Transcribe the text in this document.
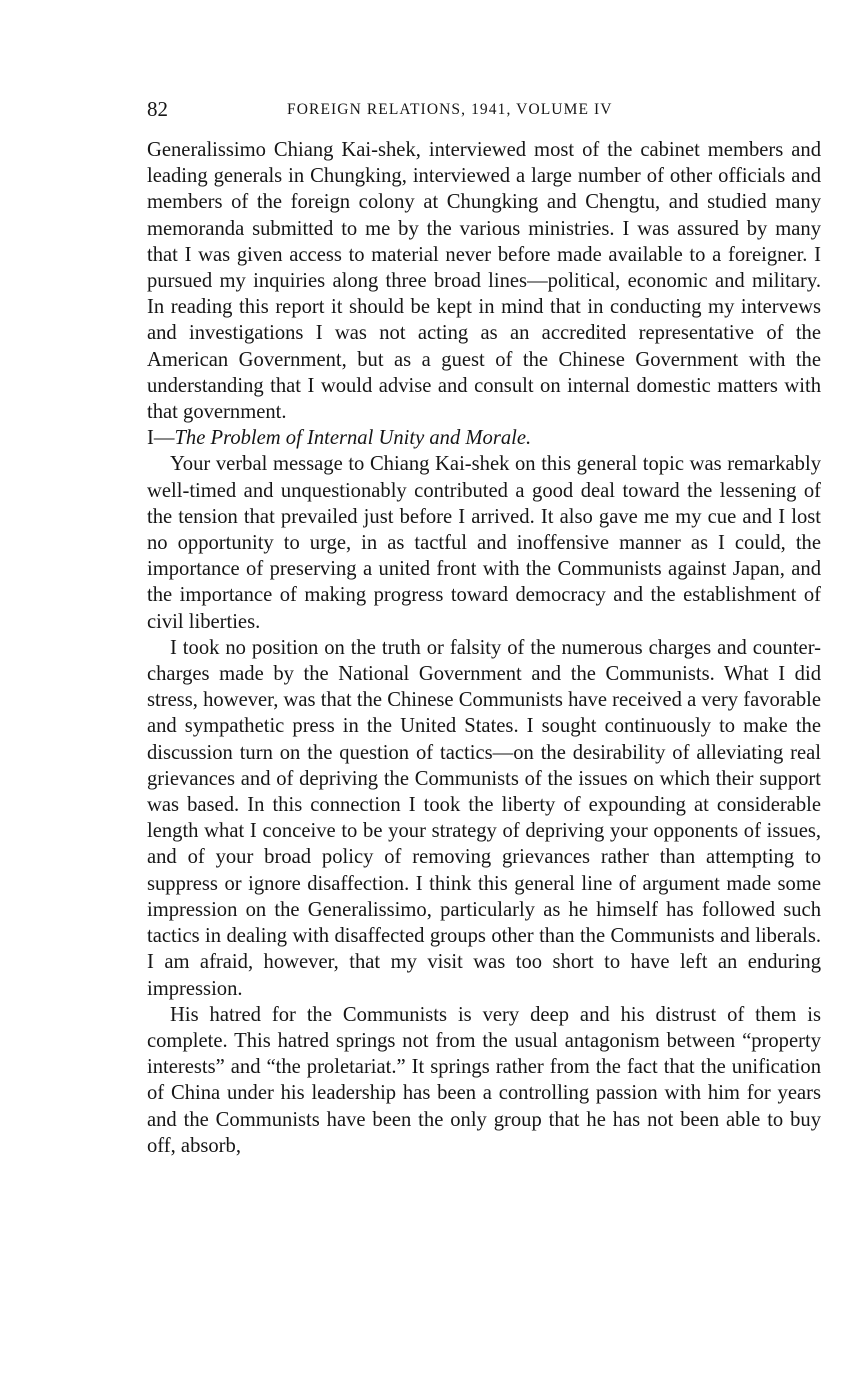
82	FOREIGN RELATIONS, 1941, VOLUME IV

Generalissimo Chiang Kai-shek, interviewed most of the cabinet members and leading generals in Chungking, interviewed a large number of other officials and members of the foreign colony at Chungking and Chengtu, and studied many memoranda submitted to me by the various ministries. I was assured by many that I was given access to material never before made available to a foreigner. I pursued my inquiries along three broad lines—political, economic and military. In reading this report it should be kept in mind that in conducting my intervews and investigations I was not acting as an accredited representative of the American Government, but as a guest of the Chinese Government with the understanding that I would advise and consult on internal domestic matters with that government.

I—The Problem of Internal Unity and Morale.

Your verbal message to Chiang Kai-shek on this general topic was remarkably well-timed and unquestionably contributed a good deal toward the lessening of the tension that prevailed just before I arrived. It also gave me my cue and I lost no opportunity to urge, in as tactful and inoffensive manner as I could, the importance of preserving a united front with the Communists against Japan, and the importance of making progress toward democracy and the establishment of civil liberties.

I took no position on the truth or falsity of the numerous charges and counter-charges made by the National Government and the Communists. What I did stress, however, was that the Chinese Communists have received a very favorable and sympathetic press in the United States. I sought continuously to make the discussion turn on the question of tactics—on the desirability of alleviating real grievances and of depriving the Communists of the issues on which their support was based. In this connection I took the liberty of expounding at considerable length what I conceive to be your strategy of depriving your opponents of issues, and of your broad policy of removing grievances rather than attempting to suppress or ignore disaffection. I think this general line of argument made some impression on the Generalissimo, particularly as he himself has followed such tactics in dealing with disaffected groups other than the Communists and liberals. I am afraid, however, that my visit was too short to have left an enduring impression.

His hatred for the Communists is very deep and his distrust of them is complete. This hatred springs not from the usual antagonism between “property interests” and “the proletariat.” It springs rather from the fact that the unification of China under his leadership has been a controlling passion with him for years and the Communists have been the only group that he has not been able to buy off, absorb,
